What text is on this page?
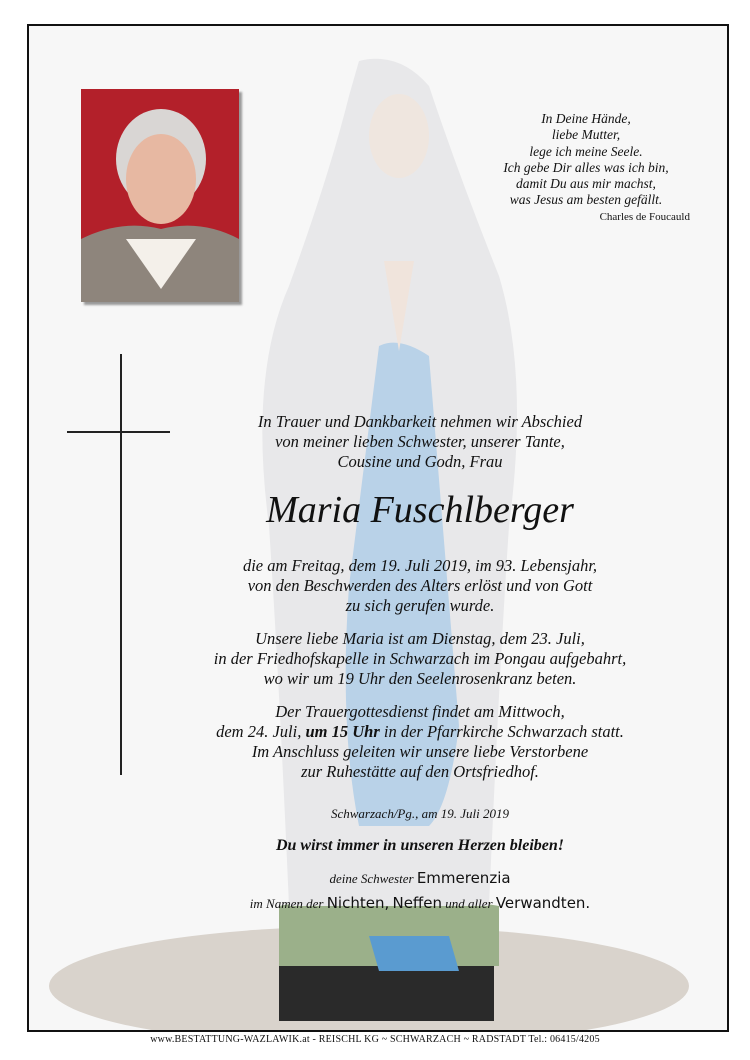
In Deine Hände,
liebe Mutter,
lege ich meine Seele.
Ich gebe Dir alles was ich bin,
damit Du aus mir machst,
was Jesus am besten gefällt.
Charles de Foucauld
In Trauer und Dankbarkeit nehmen wir Abschied
von meiner lieben Schwester, unserer Tante,
Cousine und Godn, Frau
Maria Fuschlberger
die am Freitag, dem 19. Juli 2019, im 93. Lebensjahr,
von den Beschwerden des Alters erlöst und von Gott
zu sich gerufen wurde.
Unsere liebe Maria ist am Dienstag, dem 23. Juli,
in der Friedhofskapelle in Schwarzach im Pongau aufgebahrt,
wo wir um 19 Uhr den Seelenrosenkranz beten.
Der Trauergottesdienst findet am Mittwoch,
dem 24. Juli, um 15 Uhr in der Pfarrkirche Schwarzach statt.
Im Anschluss geleiten wir unsere liebe Verstorbene
zur Ruhestätte auf den Ortsfriedhof.
Schwarzach/Pg., am 19. Juli 2019
Du wirst immer in unseren Herzen bleiben!
deine Schwester Emmerenzia
im Namen der Nichten, Neffen und aller Verwandten.
www.BESTATTUNG-WAZLAWIK.at - REISCHL KG ~ SCHWARZACH ~ RADSTADT Tel.: 06415/4205
